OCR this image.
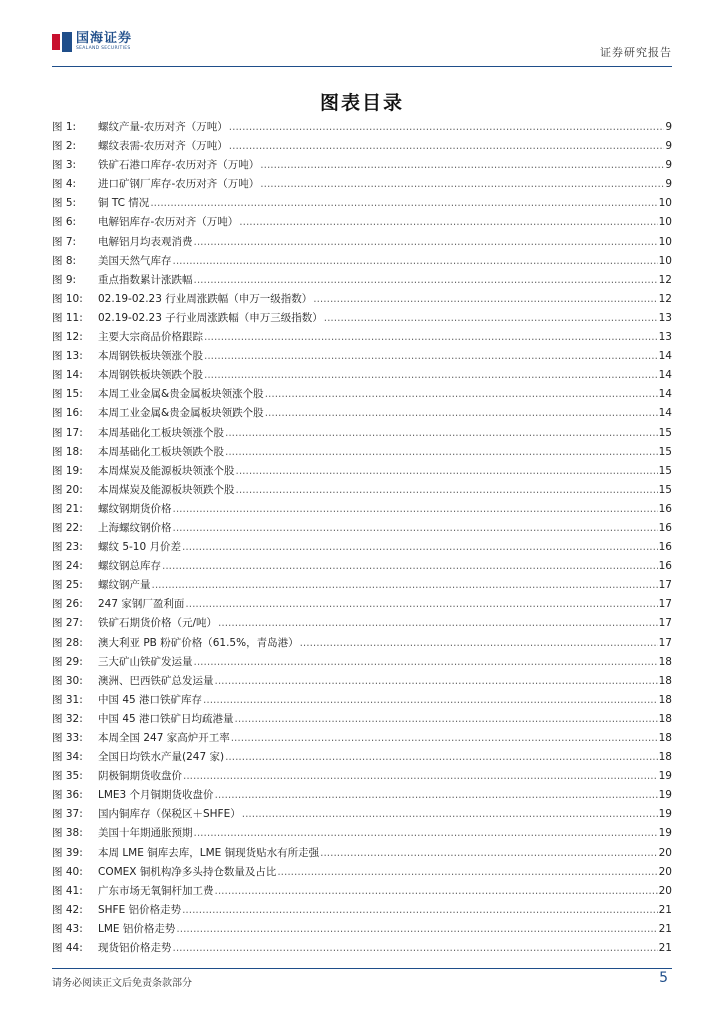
国海证券
SEALAND SECURITIES	证券研究报告
图表目录
图 1:	螺纹产量-农历对齐（万吨） .....	9
图 2:	螺纹表需-农历对齐（万吨） .....	9
图 3:	铁矿石港口库存-农历对齐（万吨） .....	9
图 4:	进口矿钢厂库存-农历对齐（万吨） .....	9
图 5:	铜 TC 情况 .....	10
图 6:	电解铝库存-农历对齐（万吨） .....	10
图 7:	电解铝月均表观消费 .....	10
图 8:	美国天然气库存 .....	10
图 9:	重点指数累计涨跌幅 .....	12
图 10:	02.19-02.23 行业周涨跌幅（申万一级指数） .....	12
图 11:	02.19-02.23 子行业周涨跌幅（申万三级指数） .....	13
图 12:	主要大宗商品价格跟踪 .....	13
图 13:	本周钢铁板块领涨个股 .....	14
图 14:	本周钢铁板块领跌个股 .....	14
图 15:	本周工业金属&贵金属板块领涨个股 .....	14
图 16:	本周工业金属&贵金属板块领跌个股 .....	14
图 17:	本周基础化工板块领涨个股 .....	15
图 18:	本周基础化工板块领跌个股 .....	15
图 19:	本周煤炭及能源板块领涨个股 .....	15
图 20:	本周煤炭及能源板块领跌个股 .....	15
图 21:	螺纹钢期货价格 .....	16
图 22:	上海螺纹钢价格 .....	16
图 23:	螺纹 5-10 月价差 .....	16
图 24:	螺纹钢总库存 .....	16
图 25:	螺纹钢产量 .....	17
图 26:	247 家钢厂盈利面 .....	17
图 27:	铁矿石期货价格（元/吨） .....	17
图 28:	澳大利亚 PB 粉矿价格（61.5%，青岛港） .....	17
图 29:	三大矿山铁矿发运量 .....	18
图 30:	澳洲、巴西铁矿总发运量 .....	18
图 31:	中国 45 港口铁矿库存 .....	18
图 32:	中国 45 港口铁矿日均疏港量 .....	18
图 33:	本周全国 247 家高炉开工率 .....	18
图 34:	全国日均铁水产量(247 家) .....	18
图 35:	阴极铜期货收盘价 .....	19
图 36:	LME3 个月铜期货收盘价 .....	19
图 37:	国内铜库存（保税区＋SHFE） .....	19
图 38:	美国十年期通胀预期 .....	19
图 39:	本周 LME 铜库去库，LME 铜现货贴水有所走强 .....	20
图 40:	COMEX 铜机构净多头持仓数量及占比 .....	20
图 41:	广东市场无氧铜杆加工费 .....	20
图 42:	SHFE 铝价格走势 .....	21
图 43:	LME 铝价格走势 .....	21
图 44:	现货铝价格走势 .....	21
请务必阅读正文后免责条款部分	5
